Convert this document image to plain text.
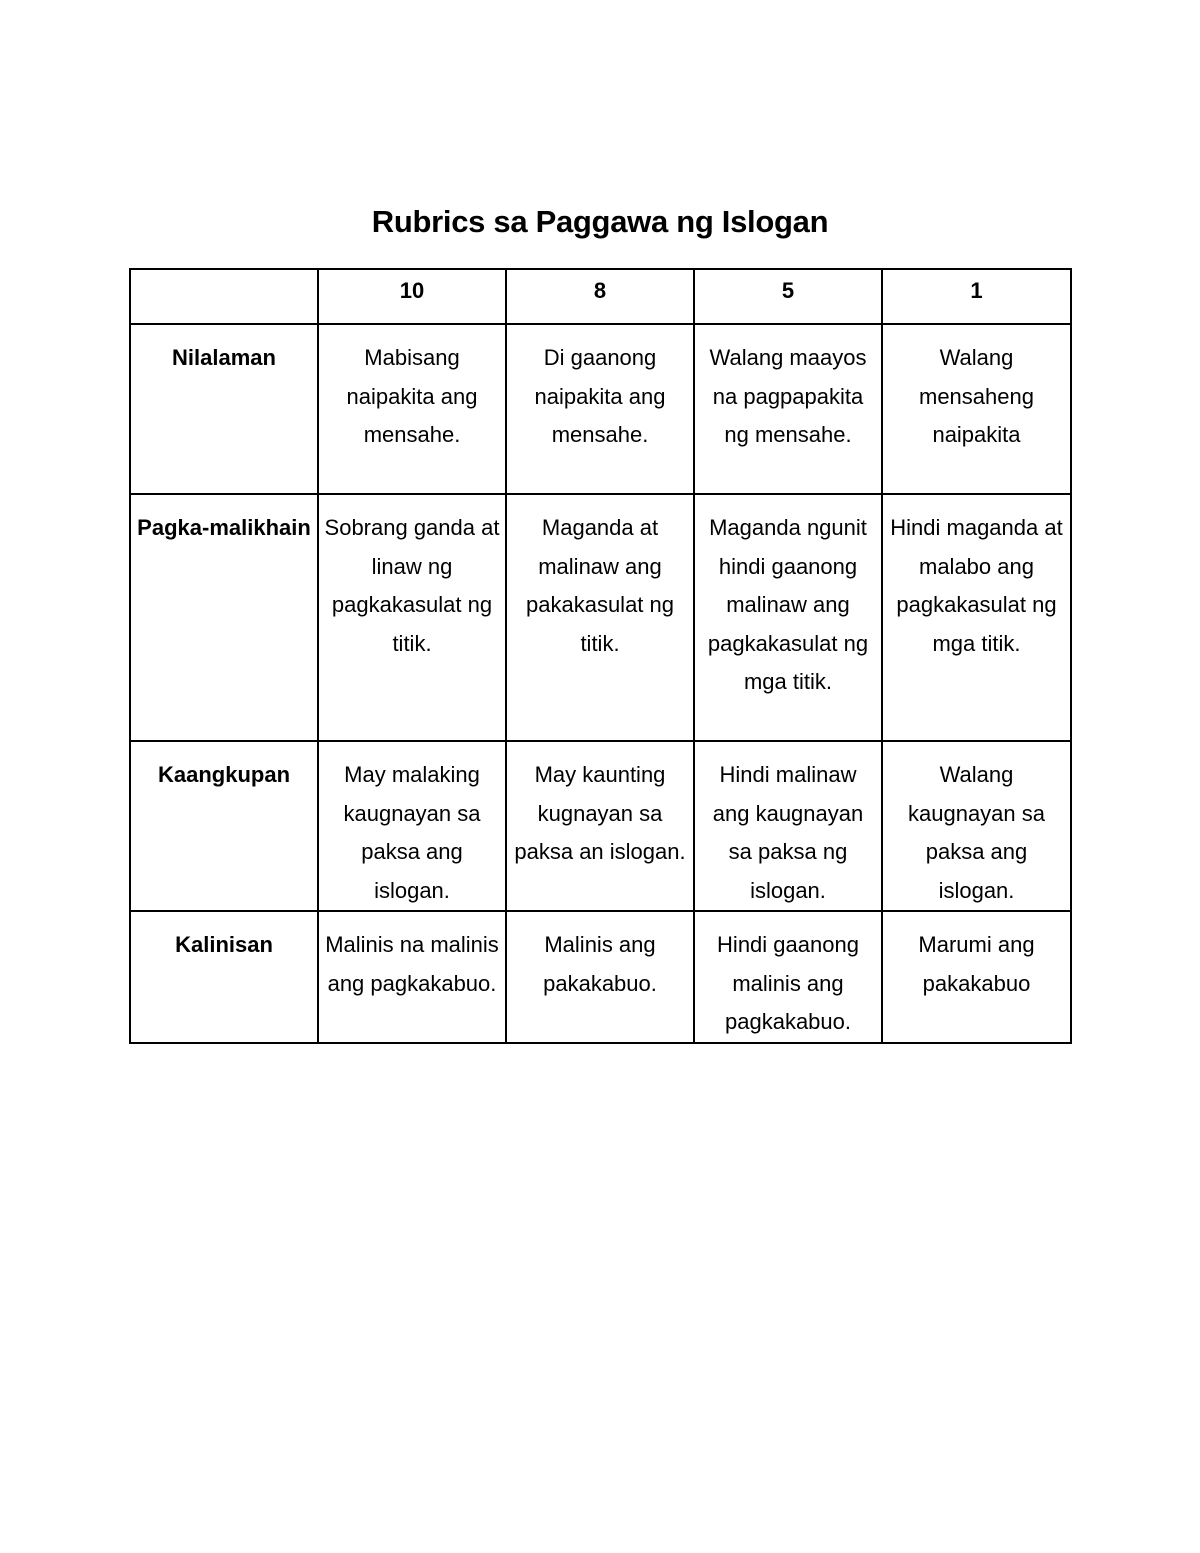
Rubrics sa Paggawa ng Islogan
	10	8	5	1

Nilalaman	Mabisang naipakita ang mensahe.	Di gaanong naipakita ang mensahe.	Walang maayos na pagpapakita ng mensahe.	Walang mensaheng naipakita

Pagka-malikhain	Sobrang ganda at linaw ng pagkakasulat ng titik.	Maganda at malinaw ang pakakasulat ng titik.	Maganda ngunit hindi gaanong malinaw ang pagkakasulat ng mga titik.	Hindi maganda at malabo ang pagkakasulat ng mga titik.

Kaangkupan	May malaking kaugnayan sa paksa ang islogan.	May kaunting kugnayan sa paksa an islogan.	Hindi malinaw ang kaugnayan sa paksa ng islogan.	Walang kaugnayan sa paksa ang islogan.

Kalinisan	Malinis na malinis ang pagkakabuo.	Malinis ang pakakabuo.	Hindi gaanong malinis ang pagkakabuo.	Marumi ang pakakabuo
